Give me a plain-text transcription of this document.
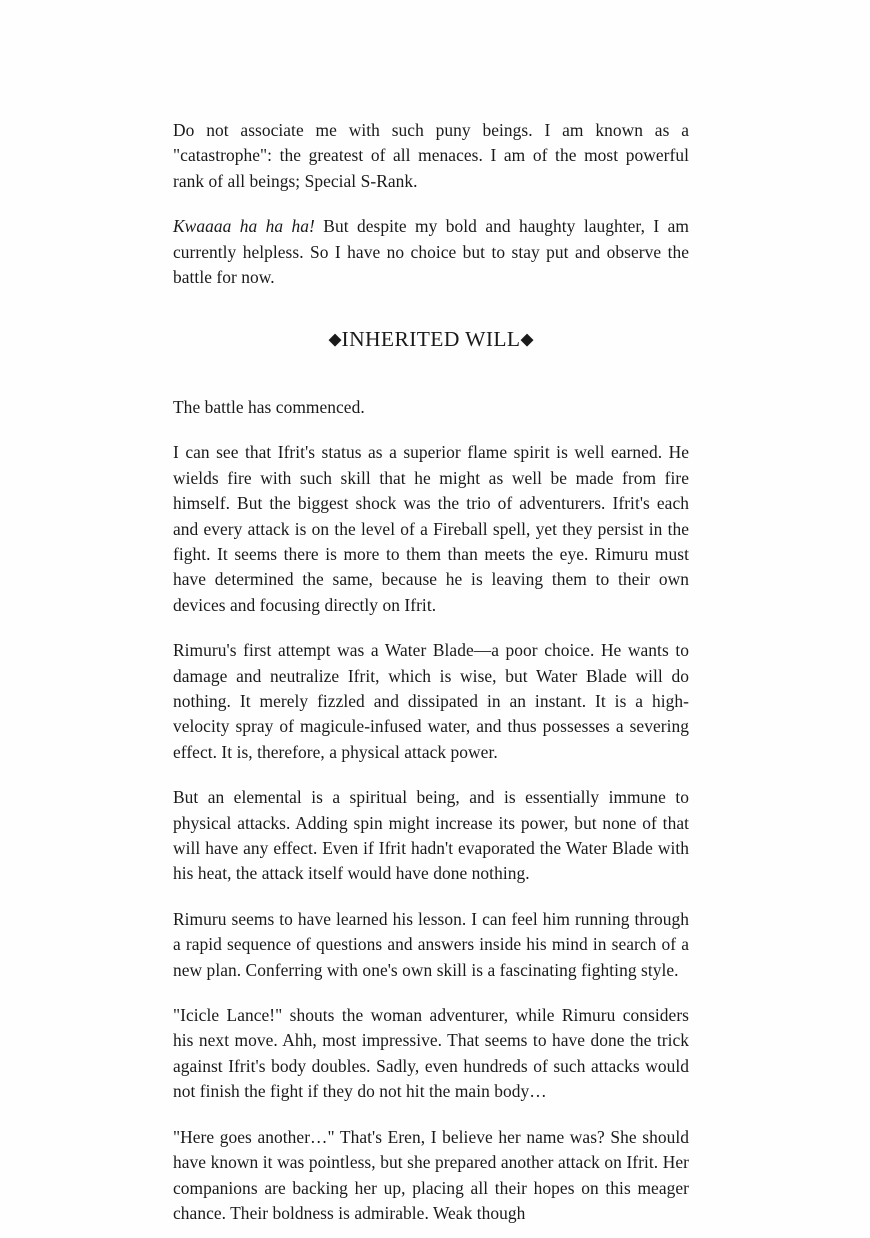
Do not associate me with such puny beings. I am known as a "catastrophe": the greatest of all menaces. I am of the most powerful rank of all beings; Special S-Rank.

Kwaaaa ha ha ha! But despite my bold and haughty laughter, I am currently helpless. So I have no choice but to stay put and observe the battle for now.

◆INHERITED WILL◆

The battle has commenced.

I can see that Ifrit's status as a superior flame spirit is well earned. He wields fire with such skill that he might as well be made from fire himself. But the biggest shock was the trio of adventurers. Ifrit's each and every attack is on the level of a Fireball spell, yet they persist in the fight. It seems there is more to them than meets the eye. Rimuru must have determined the same, because he is leaving them to their own devices and focusing directly on Ifrit.

Rimuru's first attempt was a Water Blade—a poor choice. He wants to damage and neutralize Ifrit, which is wise, but Water Blade will do nothing. It merely fizzled and dissipated in an instant. It is a high-velocity spray of magicule-infused water, and thus possesses a severing effect. It is, therefore, a physical attack power.

But an elemental is a spiritual being, and is essentially immune to physical attacks. Adding spin might increase its power, but none of that will have any effect. Even if Ifrit hadn't evaporated the Water Blade with his heat, the attack itself would have done nothing.

Rimuru seems to have learned his lesson. I can feel him running through a rapid sequence of questions and answers inside his mind in search of a new plan. Conferring with one's own skill is a fascinating fighting style.

"Icicle Lance!" shouts the woman adventurer, while Rimuru considers his next move. Ahh, most impressive. That seems to have done the trick against Ifrit's body doubles. Sadly, even hundreds of such attacks would not finish the fight if they do not hit the main body…

"Here goes another…" That's Eren, I believe her name was? She should have known it was pointless, but she prepared another attack on Ifrit. Her companions are backing her up, placing all their hopes on this meager chance. Their boldness is admirable. Weak though
